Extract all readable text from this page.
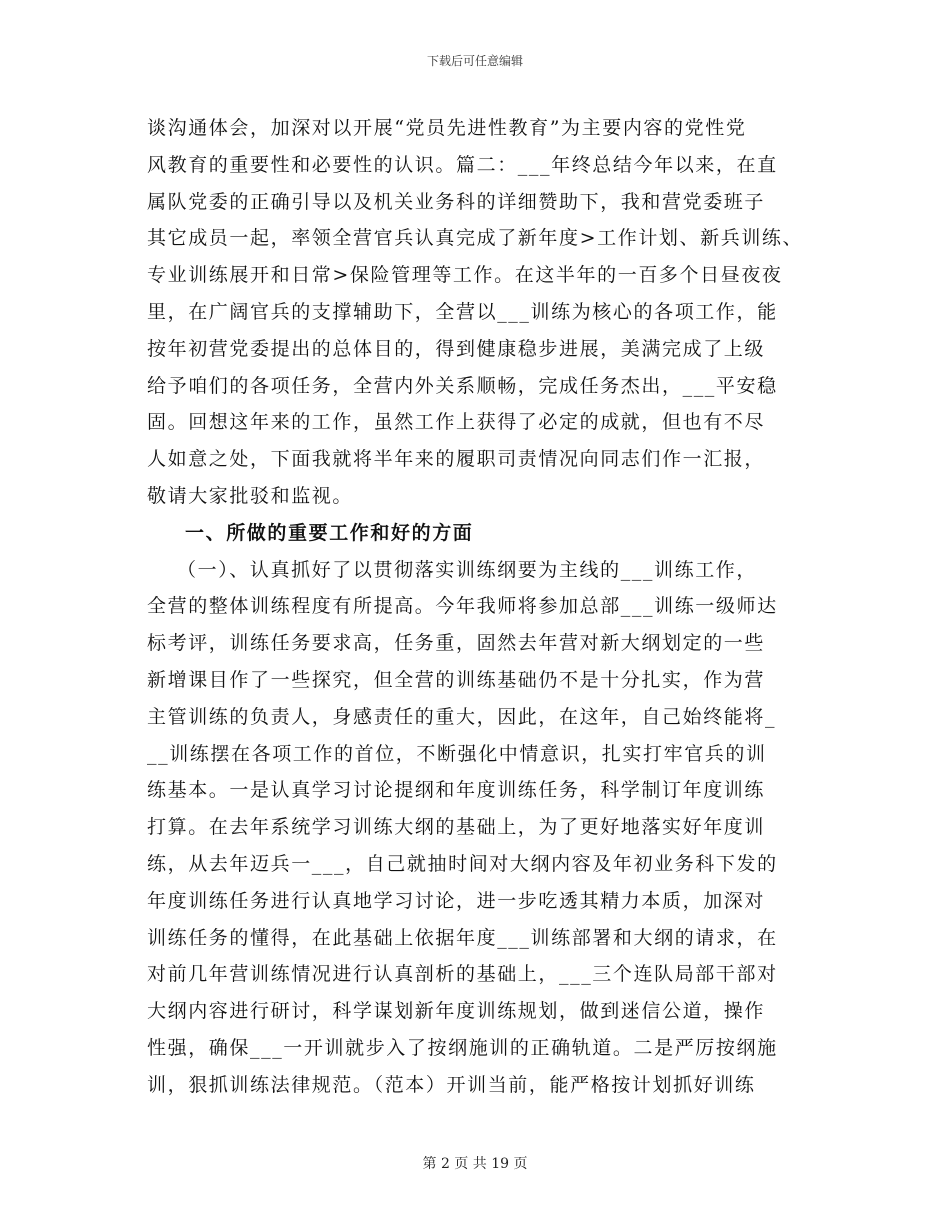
下载后可任意编辑
谈沟通体会，加深对以开展“党员先进性教育”为主要内容的党性党
风教育的重要性和必要性的认识。篇二：___年终总结今年以来，在直
属队党委的正确引导以及机关业务科的详细赞助下，我和营党委班子
其它成员一起，率领全营官兵认真完成了新年度>工作计划、新兵训练、
专业训练展开和日常>保险管理等工作。在这半年的一百多个日昼夜夜
里，在广阔官兵的支撑辅助下，全营以___训练为核心的各项工作，能
按年初营党委提出的总体目的，得到健康稳步进展，美满完成了上级
给予咱们的各项任务，全营内外关系顺畅，完成任务杰出，___平安稳
固。回想这年来的工作，虽然工作上获得了必定的成就，但也有不尽
人如意之处，下面我就将半年来的履职司责情况向同志们作一汇报，
敬请大家批驳和监视。
一、所做的重要工作和好的方面
（一）、认真抓好了以贯彻落实训练纲要为主线的___训练工作，
全营的整体训练程度有所提高。今年我师将参加总部___训练一级师达
标考评，训练任务要求高，任务重，固然去年营对新大纲划定的一些
新增课目作了一些探究，但全营的训练基础仍不是十分扎实，作为营
主管训练的负责人，身感责任的重大，因此，在这年，自己始终能将_
__训练摆在各项工作的首位，不断强化中情意识，扎实打牢官兵的训
练基本。一是认真学习讨论提纲和年度训练任务，科学制订年度训练
打算。在去年系统学习训练大纲的基础上，为了更好地落实好年度训
练，从去年迈兵一___，自己就抽时间对大纲内容及年初业务科下发的
年度训练任务进行认真地学习讨论，进一步吃透其精力本质，加深对
训练任务的懂得，在此基础上依据年度___训练部署和大纲的请求，在
对前几年营训练情况进行认真剖析的基础上，___三个连队局部干部对
大纲内容进行研讨，科学谋划新年度训练规划，做到迷信公道，操作
性强，确保___一开训就步入了按纲施训的正确轨道。二是严厉按纲施
训，狠抓训练法律规范。（范本）开训当前，能严格按计划抓好训练
第 2 页 共 19 页
